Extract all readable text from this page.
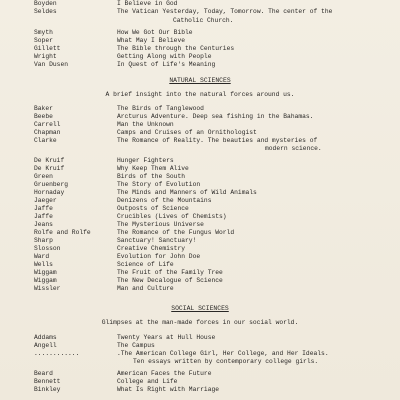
Boyden	I Believe in God
Seldes	The Vatican Yesterday, Today, Tomorrow. The center of the
Catholic Church.
Smyth	How We Got Our Bible
Soper	What May I Believe
Gillett	The Bible through the Centuries
Wright	Getting Along with People
Van Dusen	In Quest of Life's Meaning
NATURAL SCIENCES
A brief insight into the natural forces around us.
Baker	The Birds of Tanglewood
Beebe	Arcturus Adventure. Deep sea fishing in the Bahamas.
Carrell	Man the Unknown
Chapman	Camps and Cruises of an Ornithologist
Clarke	The Romance of Reality. The beauties and mysteries of
modern science.
De Kruif	Hunger Fighters
De Kruif	Why Keep Them Alive
Green	Birds of the South
Gruenberg	The Story of Evolution
Hornaday	The Minds and Manners of Wild Animals
Jaeger	Denizens of the Mountains
Jaffe	Outposts of Science
Jaffe	Crucibles (Lives of Chemists)
Jeans	The Mysterious Universe
Rolfe and Rolfe	The Romance of the Fungus World
Sharp	Sanctuary! Sanctuary!
Slosson	Creative Chemistry
Ward	Evolution for John Doe
Wells	Science of Life
Wiggam	The Fruit of the Family Tree
Wiggam	The New Decalogue of Science
Wissler	Man and Culture
SOCIAL SCIENCES
Glimpses at the man-made forces in our social world.
Addams	Twenty Years at Hull House
Angell	The Campus
............	.The American College Girl, Her College, and Her Ideals.
Ten essays written by contemporary college girls.
Beard	American Faces the Future
Bennett	College and Life
Binkley	What Is Right with Marriage
